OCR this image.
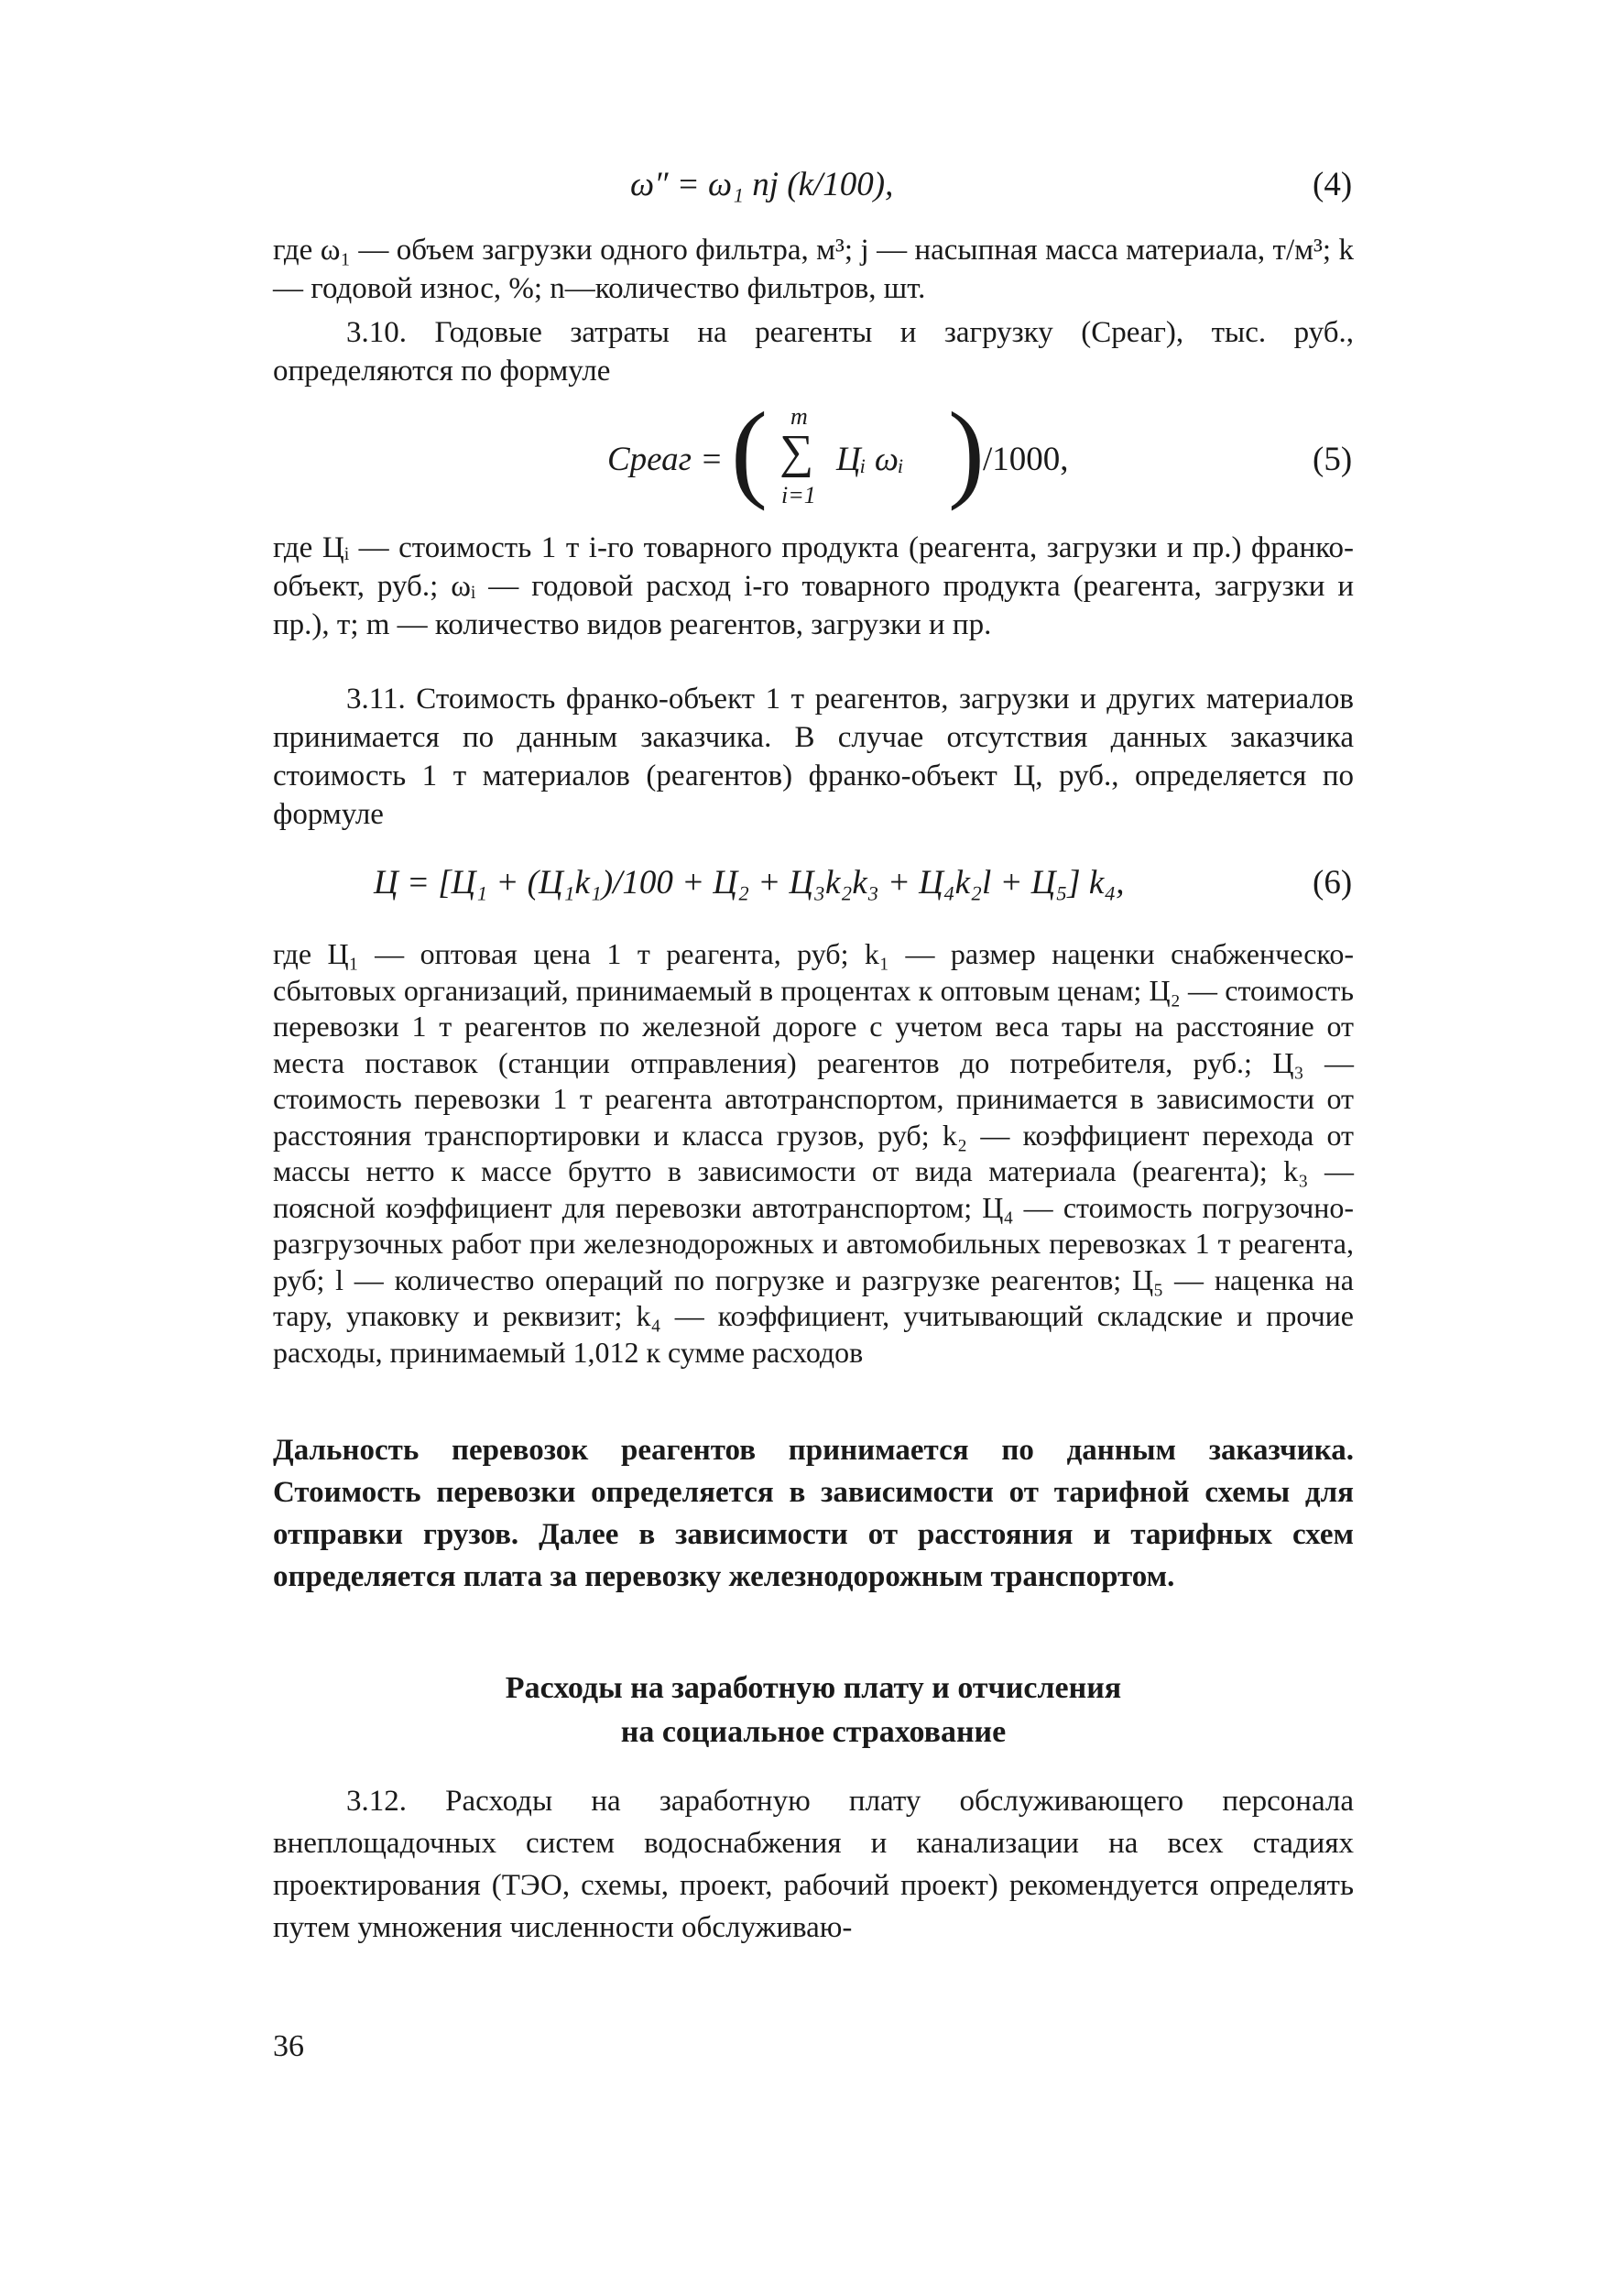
ω″ = ω₁ nj (k/100),	(4)

где ω₁ — объем загрузки одного фильтра, м³; j — насыпная масса материала, т/м³; k — годовой износ, %; n—количество фильтров, шт.

3.10. Годовые затраты на реагенты и загрузку (Cреаг), тыс. руб., определяются по формуле

Cреаг = ( m
∑
i=1
Цᵢ ωᵢ )
/1000,	(5)

где Цᵢ — стоимость 1 т i-го товарного продукта (реагента, загрузки и пр.) франко-объект, руб.; ωᵢ — годовой расход i-го товарного продукта (реагента, загрузки и пр.), т; m — количество видов реагентов, загрузки и пр.

3.11. Стоимость франко-объект 1 т реагентов, загрузки и других материалов принимается по данным заказчика. В случае отсутствия данных заказчика стоимость 1 т материалов (реагентов) франко-объект Ц, руб., определяется по формуле

Ц = [Ц₁ + (Ц₁k₁)/100 + Ц₂ + Ц₃k₂k₃ + Ц₄k₂l + Ц₅] k₄,	(6)

где Ц₁ — оптовая цена 1 т реагента, руб; k₁ — размер наценки снабженческо-сбытовых организаций, принимаемый в процентах к оптовым ценам; Ц₂ — стоимость перевозки 1 т реагентов по железной дороге с учетом веса тары на расстояние от места поставок (станции отправления) реагентов до потребителя, руб.; Ц₃ — стоимость перевозки 1 т реагента автотранспортом, принимается в зависимости от расстояния транспортировки и класса грузов, руб; k₂ — коэффициент перехода от массы нетто к массе брутто в зависимости от вида материала (реагента); k₃ — поясной коэффициент для перевозки автотранспортом; Ц₄ — стоимость погрузочно-разгрузочных работ при железнодорожных и автомобильных перевозках 1 т реагента, руб; l — количество операций по погрузке и разгрузке реагентов; Ц₅ — наценка на тару, упаковку и реквизит; k₄ — коэффициент, учитывающий складские и прочие расходы, принимаемый 1,012 к сумме расходов

Дальность перевозок реагентов принимается по данным заказчика. Стоимость перевозки определяется в зависимости от тарифной схемы для отправки грузов. Далее в зависимости от расстояния и тарифных схем определяется плата за перевозку железнодорожным транспортом.

Расходы на заработную плату и отчисления
на социальное страхование

3.12. Расходы на заработную плату обслуживающего персонала внеплощадочных систем водоснабжения и канализации на всех стадиях проектирования (ТЭО, схемы, проект, рабочий проект) рекомендуется определять путем умножения численности обслуживаю-

36
